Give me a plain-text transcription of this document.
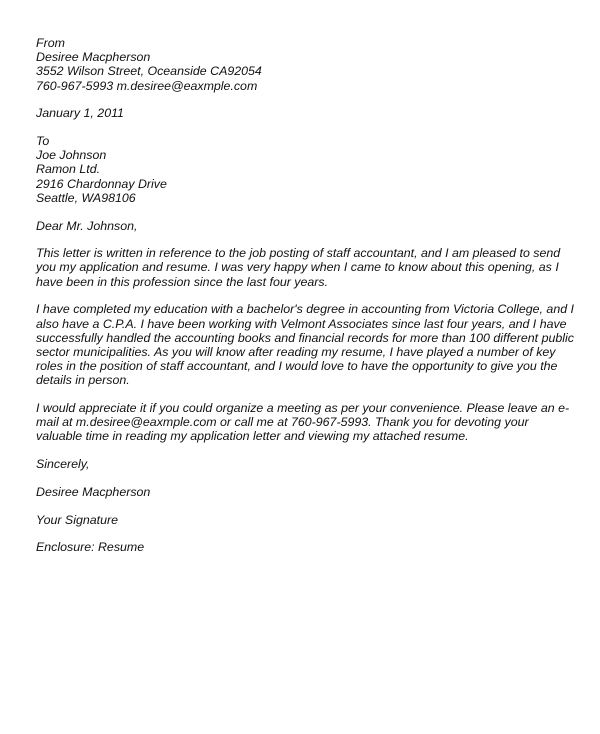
From
Desiree Macpherson
3552 Wilson Street, Oceanside CA92054
760-967-5993 m.desiree@eaxmple.com
January 1, 2011
To
Joe Johnson
Ramon Ltd.
2916 Chardonnay Drive
Seattle, WA98106
Dear Mr. Johnson,
This letter is written in reference to the job posting of staff accountant, and I am pleased to send
you my application and resume. I was very happy when I came to know about this opening, as I
have been in this profession since the last four years.
I have completed my education with a bachelor's degree in accounting from Victoria College, and I
also have a C.P.A. I have been working with Velmont Associates since last four years, and I have
successfully handled the accounting books and financial records for more than 100 different public
sector municipalities. As you will know after reading my resume, I have played a number of key
roles in the position of staff accountant, and I would love to have the opportunity to give you the
details in person.
I would appreciate it if you could organize a meeting as per your convenience. Please leave an e-
mail at m.desiree@eaxmple.com or call me at 760-967-5993. Thank you for devoting your
valuable time in reading my application letter and viewing my attached resume.
Sincerely,
Desiree Macpherson
Your Signature
Enclosure: Resume
